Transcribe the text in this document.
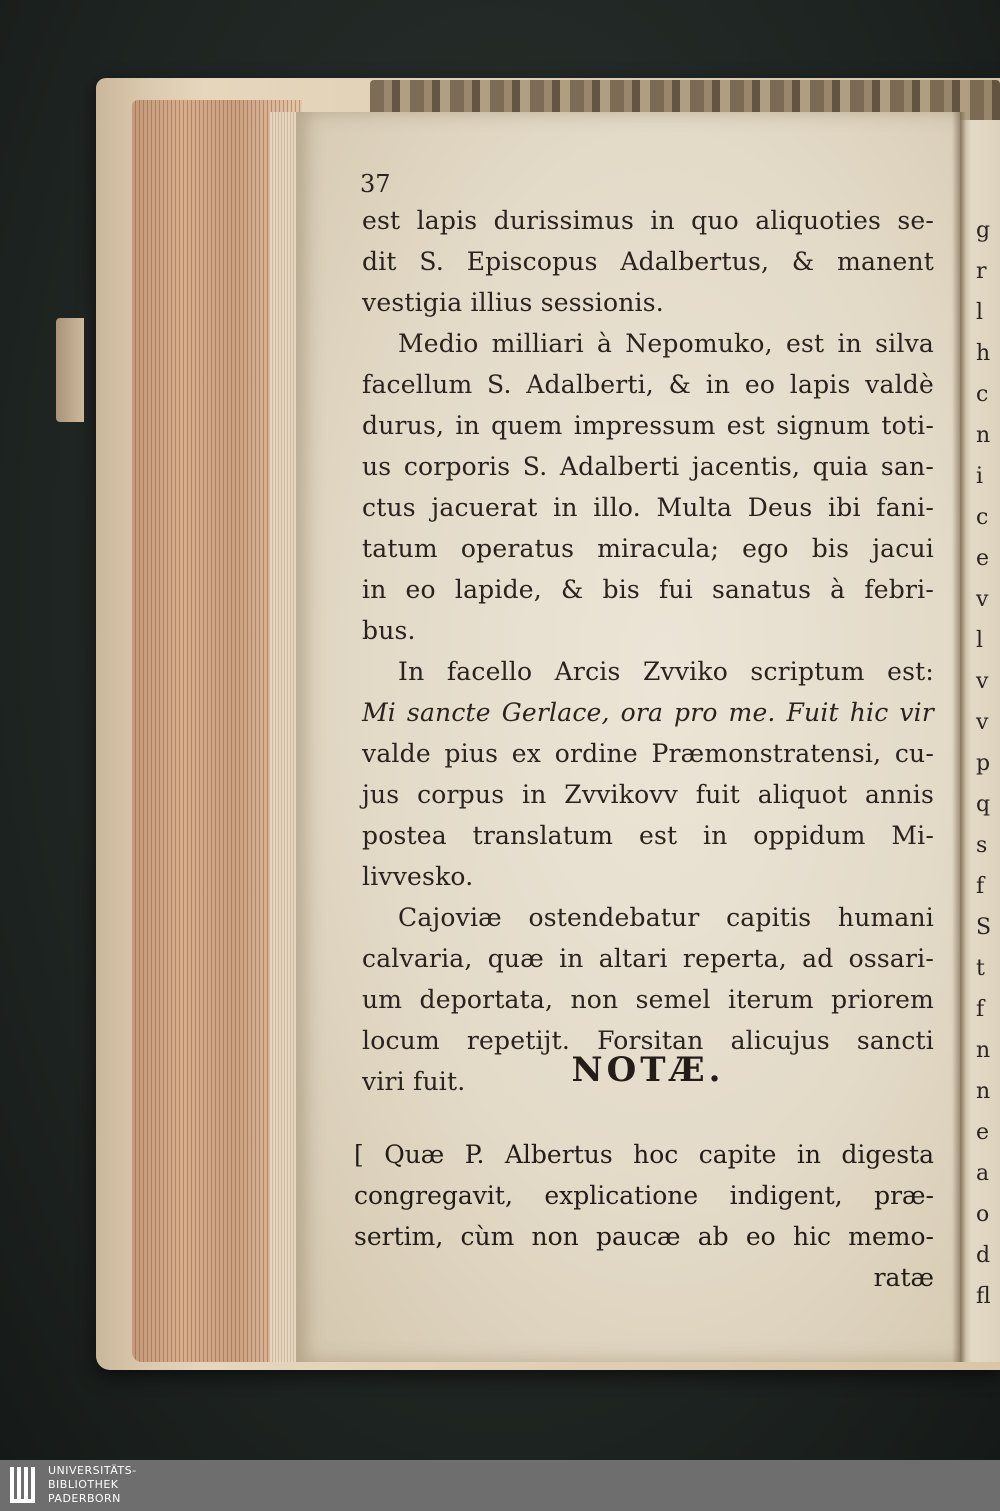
g
r
l
h
c
n
i
c
e
v
l
v
v
p
q
s
f
S
t
f
n
n
e
a
o
d
fl
37
est lapis durissimus in quo aliquoties se-
dit S. Episcopus Adalbertus, & manent
vestigia illius sessionis.
Medio milliari à Nepomuko, est in silva
facellum S. Adalberti, & in eo lapis valdè
durus, in quem impressum est signum toti-
us corporis S. Adalberti jacentis, quia san-
ctus jacuerat in illo. Multa Deus ibi fani-
tatum operatus miracula; ego bis jacui
in eo lapide, & bis fui sanatus à febri-
bus.
In facello Arcis Zvviko scriptum est:
Mi sancte Gerlace, ora pro me. Fuit hic vir
valde pius ex ordine Præmonstratensi, cu-
jus corpus in Zvvikovv fuit aliquot annis
postea translatum est in oppidum Mi-
livvesko.
Cajoviæ ostendebatur capitis humani
calvaria, quæ in altari reperta, ad ossari-
um deportata, non semel iterum priorem
locum repetijt. Forsitan alicujus sancti
viri fuit.	NOTÆ.
[ Quæ P. Albertus hoc capite in digesta
congregavit, explicatione indigent, præ-
sertim, cùm non paucæ ab eo hic memo-
ratæ
UNIVERSITÄTS-
BIBLIOTHEK
PADERBORN
